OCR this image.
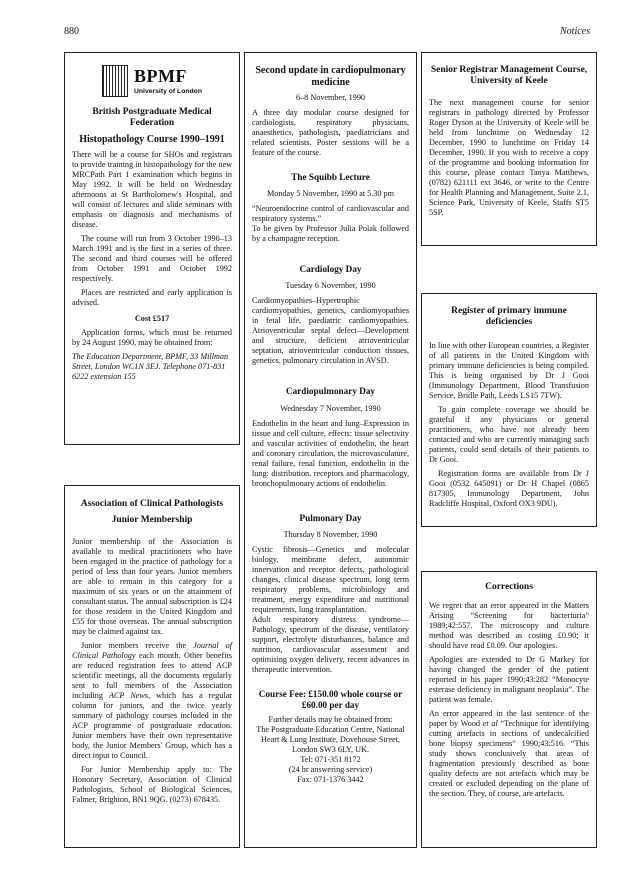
880	Notices
BPMF
University of London
British Postgraduate Medical Federation
Histopathology Course 1990–1991

There will be a course for SHOs and registrars to provide training in histopathology for the new MRCPath Part 1 examination which begins in May 1992. It will be held on Wednesday afternoons at St Bartholomew's Hospital, and will consist of lectures and slide seminars with emphasis on diagnosis and mechanisms of disease.

The course will run from 3 October 1990–13 March 1991 and is the first in a series of three. The second and third courses will be offered from October 1991 and October 1992 respectively.

Places are restricted and early application is advised.

Cost £517

Application forms, which must be returned by 24 August 1990, may be obtained from:

The Education Department, BPMF, 33 Millman Street, London WC1N 3EJ. Telephone 071-831 6222 extension 155

Association of Clinical Pathologists
Junior Membership

Junior membership of the Association is available to medical practitioners who have been engaged in the practice of pathology for a period of less than four years. Junior members are able to remain in this category for a maximum of six years or on the attainment of consultant status. The annual subscription is £24 for those resident in the United Kingdom and £55 for those overseas. The annual subscription may be claimed against tax.

Junior members receive the Journal of Clinical Pathology each month. Other benefits are reduced registration fees to attend ACP scientific meetings, all the documents regularly sent to full members of the Association including ACP News, which has a regular column for juniors, and the twice yearly summary of pathology courses included in the ACP programme of postgraduate education. Junior members have their own representative body, the Junior Members' Group, which has a direct input to Council.

For Junior Membership apply to: The Honorary Secretary, Association of Clinical Pathologists, School of Biological Sciences, Falmer, Brighton, BN1 9QG. (0273) 678435.

Second update in cardiopulmonary medicine
6–8 November, 1990

A three day modular course designed for cardiologists, respiratory physicians, anaesthetics, pathologists, paediatricians and related scientists. Poster sessions will be a feature of the course.

The Squibb Lecture
Monday 5 November, 1990 at 5.30 pm

“Neuroendocrine control of cardiovascular and respiratory systems.”

To be given by Professor Julia Polak followed by a champagne reception.

Cardiology Day
Tuesday 6 November, 1990

Cardiomyopathies–Hypertrophic cardiomyopathies, genetics, cardiomyopathies in fetal life, paediatric cardiomyopathies. Atrioventricular septal defect—Development and structure, deficient atrioventricular septation, atrioventricular conduction tissues, genetics, pulmonary circulation in AVSD.

Cardiopulmonary Day
Wednesday 7 November, 1990

Endothelin in the heart and lung–Expression in tissue and cell culture, effects: tissue selectivity and vascular activities of endothelin, the heart and coronary circulation, the microvasculature, renal failure, renal function, endothelin in the lung: distribution, receptors and pharmacology, bronchopulmonary actions of endothelin.

Pulmonary Day
Thursday 8 November, 1990

Cystic fibrosis—Genetics and molecular biology, membrane defect, autonomic innervation and receptor defects, pathological changes, clinical disease spectrum, long term respiratory problems, microbiology and treatment, energy expenditure and nutritional requirements, lung transplantation.

Adult respiratory distress syndrome—Pathology, spectrum of the disease, ventilatory support, electrolyte disturbances, balance and nutrition, cardiovascular assessment and optimising oxygen delivery, recent advances in therapeutic intervention.

Course Fee: £150.00 whole course or £60.00 per day
Further details may be obtained from:
The Postgraduate Education Centre, National Heart & Lung Institute, Dovehouse Street, London SW3 6LY, UK.
Tel: 071-351 8172
(24 hr answering service)
Fax: 071-1376 3442
Senior Registrar Management Course, University of Keele

The next management course for senior registrars in pathology directed by Professor Roger Dyson at the University of Keele will be held from lunchtime on Wednesday 12 December, 1990 to lunchtime on Friday 14 December, 1990. If you wish to receive a copy of the programme and booking information for this course, please contact Tanya Matthews, (0782) 621111 ext 3646, or write to the Centre for Health Planning and Management, Suite 2.1, Science Park, University of Keele, Staffs ST5 5SP.

Register of primary immune deficiencies

In line with other European countries, a Register of all patients in the United Kingdom with primary immune deficiencies is being compiled. This is being organised by Dr J Gooi (Immunology Department, Blood Transfusion Service, Bridle Path, Leeds LS15 7TW).

To gain complete coverage we should be grateful if any physicians or general practitioners, who have not already been contacted and who are currently managing such patients, could send details of their patients to Dr Gooi.

Registration forms are available from Dr J Gooi (0532 645091) or Dr H Chapel (0865 817305, Immunology Department, John Radcliffe Hospital, Oxford OX3 9DU).

Corrections

We regret that an error appeared in the Matters Arising “Screening for bacteriuria” 1989;42:557. The microscopy and culture method was described as costing £0.90; it should have read £0.09. Our apologies.

Apologies are extended to Dr G Markey for having changed the gender of the patient reported in his paper 1990;43:282 “Monocyte esterase deficiency in malignant neoplasia”. The patient was female.

An error appeared in the last sentence of the paper by Wood et al “Technique for identifying cutting artefacts in sections of undecalcified bone biopsy specimens” 1990;43:516. “This study shows conclusively that areas of fragmentation previously described as bone quality defects are not artefacts which may be created or excluded depending on the plane of the section. They, of course, are artefacts.
